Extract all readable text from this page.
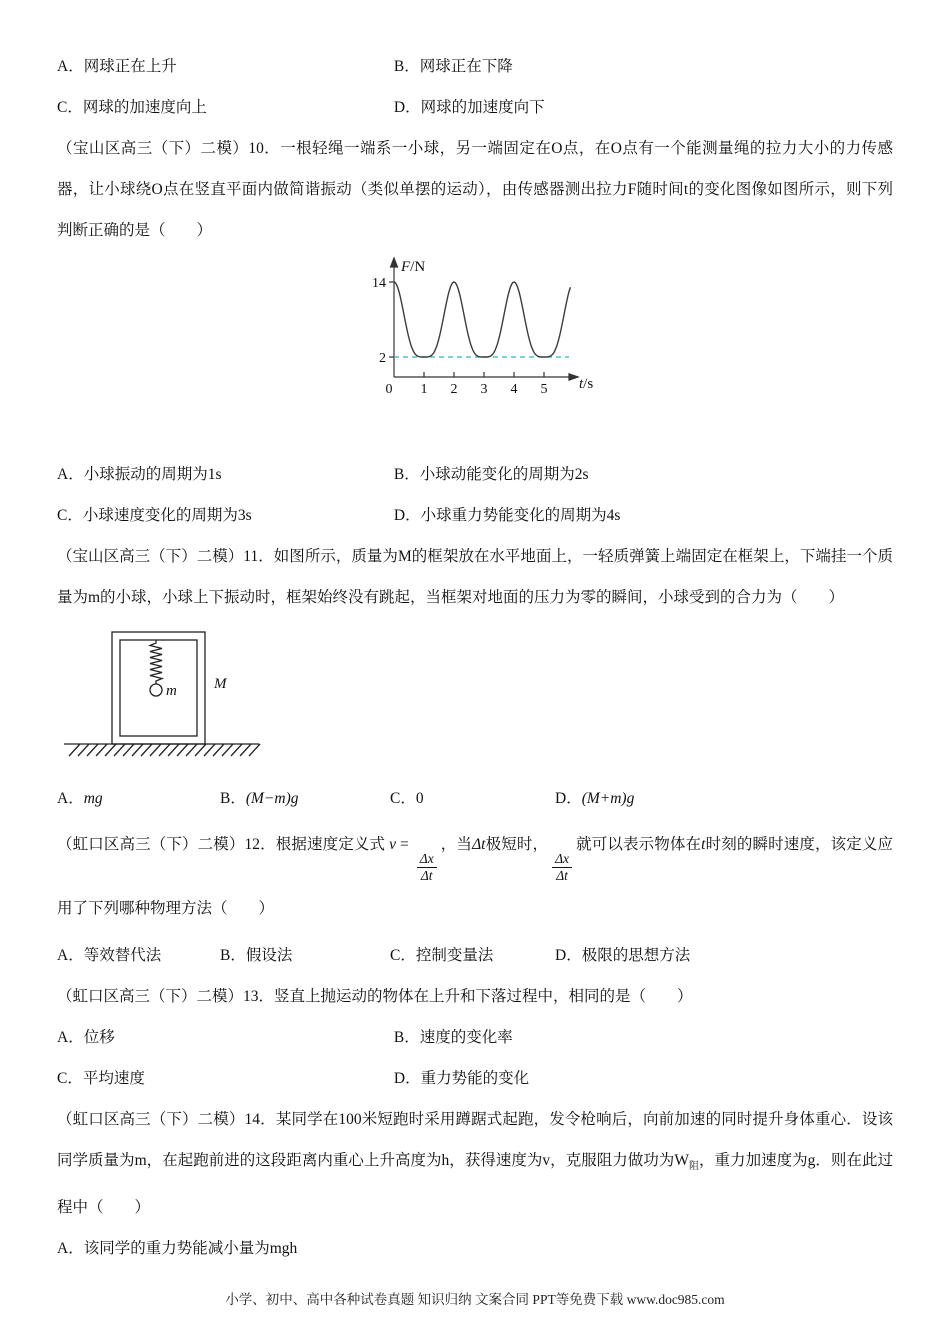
A．网球正在上升	B．网球正在下降
C．网球的加速度向上	D．网球的加速度向下

（宝山区高三（下）二模）10．一根轻绳一端系一小球，另一端固定在O点，在O点有一个能测量绳的拉力大小的力传感器，让小球绕O点在竖直平面内做简谐振动（类似单摆的运动），由传感器测出拉力F随时间t的变化图像如图所示，则下列判断正确的是（　　）

F/N
t/s
14
2
0 1 2 3 4 5
A．小球振动的周期为1s	B．小球动能变化的周期为2s
C．小球速度变化的周期为3s	D．小球重力势能变化的周期为4s

（宝山区高三（下）二模）11．如图所示，质量为M的框架放在水平地面上，一轻质弹簧上端固定在框架上，下端挂一个质量为m的小球，小球上下振动时，框架始终没有跳起，当框架对地面的压力为零的瞬间，小球受到的合力为（　　）

m M
A．mg	B．(M−m)g	C．0	D．(M+m)g

（虹口区高三（下）二模）12．根据速度定义式 v =
$\frac{\Delta x}{\Delta t}$
，当Δt极短时，
$\frac{\Delta x}{\Delta t}$
就可以表示物体在t时刻的瞬时速度，该定义应用了下列哪种物理方法（　　）

A．等效替代法	B．假设法	C．控制变量法	D．极限的思想方法

（虹口区高三（下）二模）13．竖直上抛运动的物体在上升和下落过程中，相同的是（　　）

A．位移	B．速度的变化率
C．平均速度	D．重力势能的变化

（虹口区高三（下）二模）14．某同学在100米短跑时采用蹲踞式起跑，发令枪响后，向前加速的同时提升身体重心．设该同学质量为m，在起跑前进的这段距离内重心上升高度为h，获得速度为v，克服阻力做功为$W_阻$，重力加速度为g．则在此过程中（　　）

A．该同学的重力势能减小量为mgh

小学、初中、高中各种试卷真题 知识归纳 文案合同 PPT等免费下载 www.doc985.com
